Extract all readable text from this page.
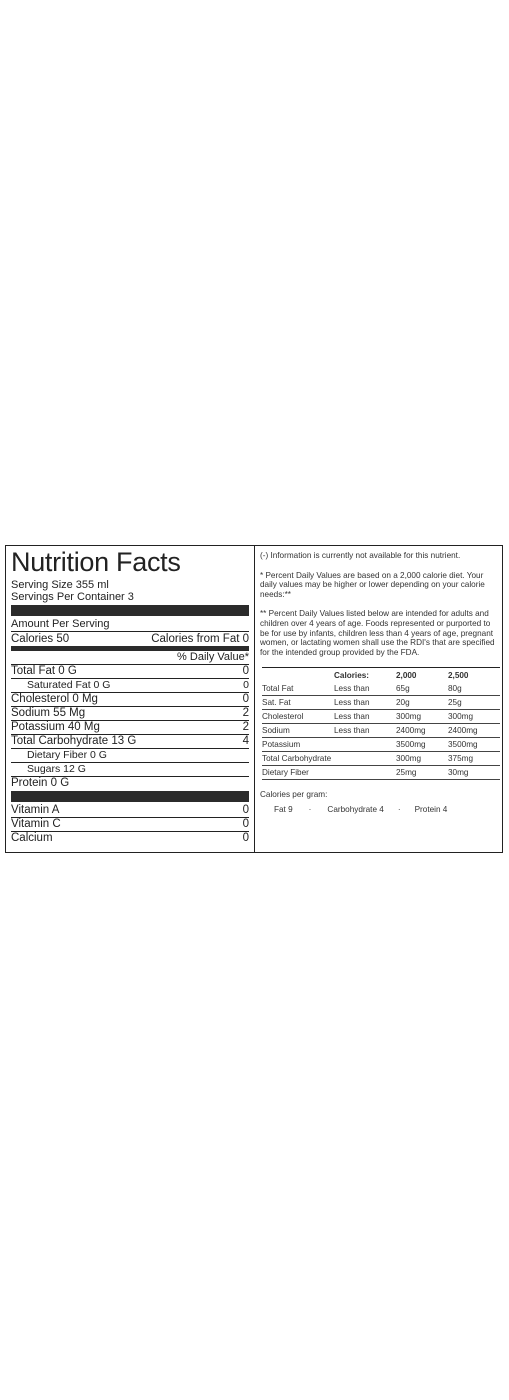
Nutrition Facts
Serving Size 355 ml
Servings Per Container 3
Amount Per Serving
Calories 50	Calories from Fat 0
% Daily Value*
Total Fat 0 G	0
Saturated Fat 0 G	0
Cholesterol 0 Mg	0
Sodium 55 Mg	2
Potassium 40 Mg	2
Total Carbohydrate 13 G	4
Dietary Fiber 0 G
Sugars 12 G
Protein 0 G
Vitamin A	0
Vitamin C	0
Calcium	0

(-) Information is currently not available for this nutrient.

* Percent Daily Values are based on a 2,000 calorie diet. Your daily values may be higher or lower depending on your calorie needs:**

** Percent Daily Values listed below are intended for adults and children over 4 years of age. Foods represented or purported to be for use by infants, children less than 4 years of age, pregnant women, or lactating women shall use the RDI's that are specified for the intended group provided by the FDA.

	Calories:	2,000	2,500
Total Fat	Less than	65g	80g
Sat. Fat	Less than	20g	25g
Cholesterol	Less than	300mg	300mg
Sodium	Less than	2400mg	2400mg
Potassium		3500mg	3500mg
Total Carbohydrate		300mg	375mg
Dietary Fiber		25mg	30mg

Calories per gram:

Fat 9	·	Carbohydrate 4	·	Protein 4
